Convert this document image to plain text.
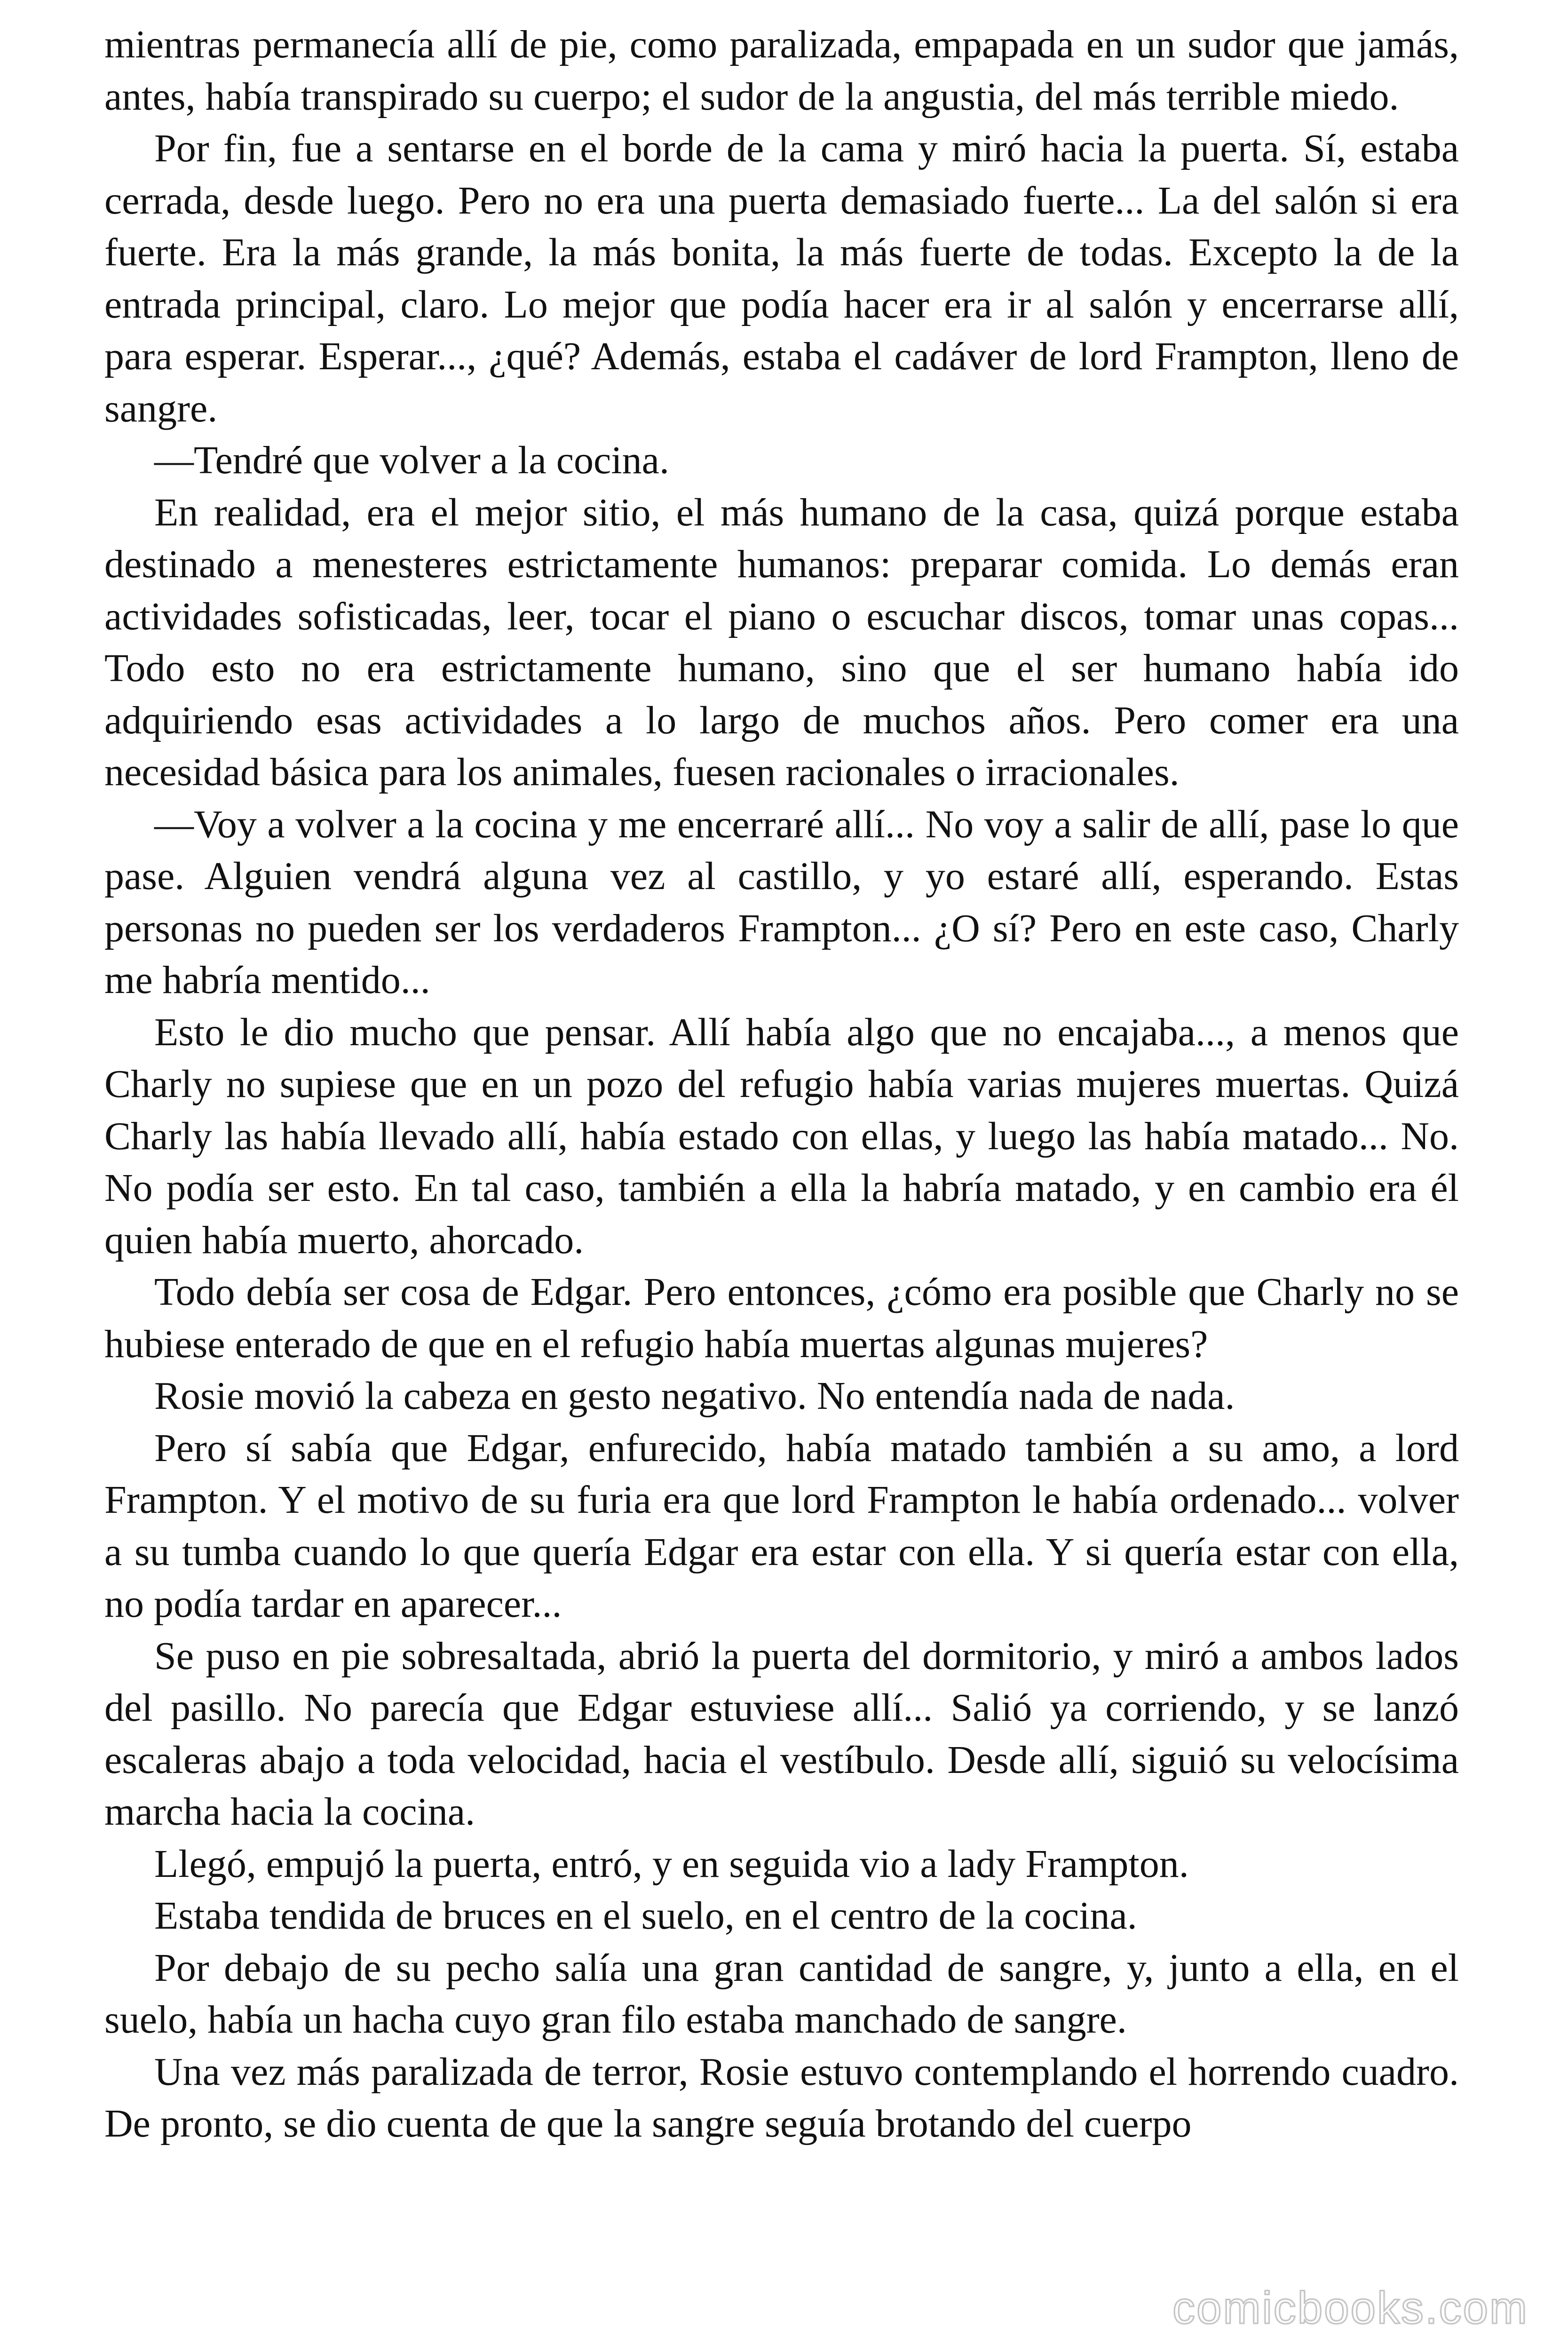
mientras permanecía allí de pie, como paralizada, empapada en un sudor que jamás, antes, había transpirado su cuerpo; el sudor de la angustia, del más terrible miedo.

Por fin, fue a sentarse en el borde de la cama y miró hacia la puerta. Sí, estaba cerrada, desde luego. Pero no era una puerta demasiado fuerte... La del salón si era fuerte. Era la más grande, la más bonita, la más fuerte de todas. Excepto la de la entrada principal, claro. Lo mejor que podía hacer era ir al salón y encerrarse allí, para esperar. Esperar..., ¿qué? Además, estaba el cadáver de lord Frampton, lleno de sangre.

—Tendré que volver a la cocina.

En realidad, era el mejor sitio, el más humano de la casa, quizá porque estaba destinado a menesteres estrictamente humanos: preparar comida. Lo demás eran actividades sofisticadas, leer, tocar el piano o escuchar discos, tomar unas copas... Todo esto no era estrictamente humano, sino que el ser humano había ido adquiriendo esas actividades a lo largo de muchos años. Pero comer era una necesidad básica para los animales, fuesen racionales o irracionales.

—Voy a volver a la cocina y me encerraré allí... No voy a salir de allí, pase lo que pase. Alguien vendrá alguna vez al castillo, y yo estaré allí, esperando. Estas personas no pueden ser los verdaderos Frampton... ¿O sí? Pero en este caso, Charly me habría mentido...

Esto le dio mucho que pensar. Allí había algo que no encajaba..., a menos que Charly no supiese que en un pozo del refugio había varias mujeres muertas. Quizá Charly las había llevado allí, había estado con ellas, y luego las había matado... No. No podía ser esto. En tal caso, también a ella la habría matado, y en cambio era él quien había muerto, ahorcado.

Todo debía ser cosa de Edgar. Pero entonces, ¿cómo era posible que Charly no se hubiese enterado de que en el refugio había muertas algunas mujeres?

Rosie movió la cabeza en gesto negativo. No entendía nada de nada.

Pero sí sabía que Edgar, enfurecido, había matado también a su amo, a lord Frampton. Y el motivo de su furia era que lord Frampton le había ordenado... volver a su tumba cuando lo que quería Edgar era estar con ella. Y si quería estar con ella, no podía tardar en aparecer...

Se puso en pie sobresaltada, abrió la puerta del dormitorio, y miró a ambos lados del pasillo. No parecía que Edgar estuviese allí... Salió ya corriendo, y se lanzó escaleras abajo a toda velocidad, hacia el vestíbulo. Desde allí, siguió su velocísima marcha hacia la cocina.

Llegó, empujó la puerta, entró, y en seguida vio a lady Frampton.

Estaba tendida de bruces en el suelo, en el centro de la cocina.

Por debajo de su pecho salía una gran cantidad de sangre, y, junto a ella, en el suelo, había un hacha cuyo gran filo estaba manchado de sangre.

Una vez más paralizada de terror, Rosie estuvo contemplando el horrendo cuadro. De pronto, se dio cuenta de que la sangre seguía brotando del cuerpo

comicbooks.com
